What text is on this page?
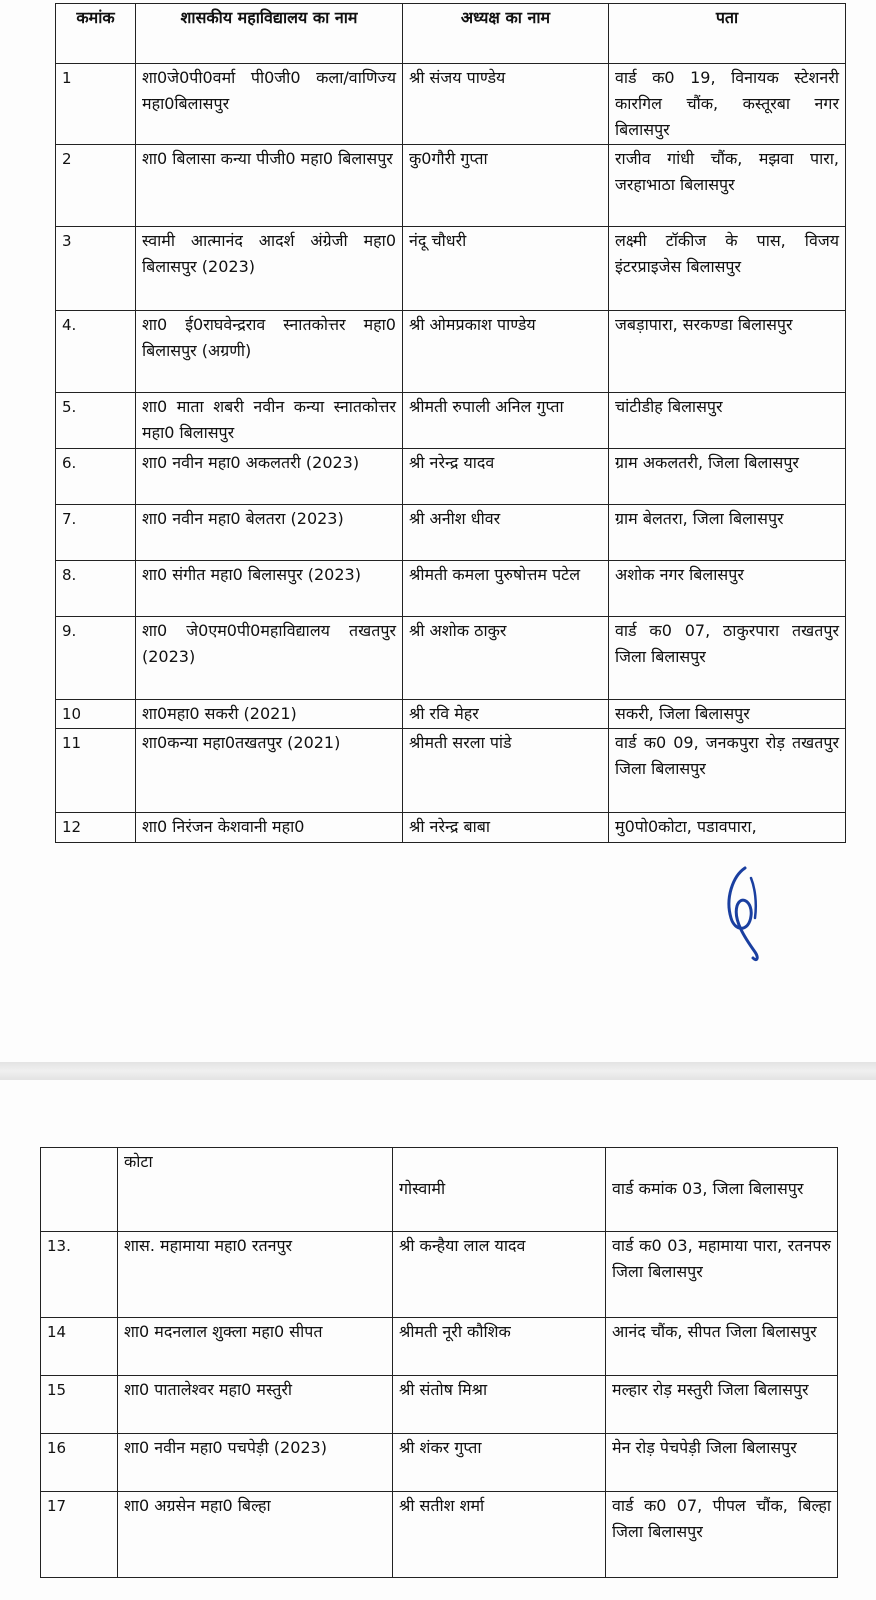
कमांक	शासकीय महाविद्यालय का नाम	अध्यक्ष का नाम	पता
1	शा0जे0पी0वर्मा पी0जी0 कला/वाणिज्य महा0बिलासपुर	श्री संजय पाण्डेय	वार्ड क0 19, विनायक स्टेशनरी कारगिल चौंक, कस्तूरबा नगर बिलासपुर
2	शा0 बिलासा कन्या पीजी0 महा0 बिलासपुर	कु0गौरी गुप्ता	राजीव गांधी चौंक, मझवा पारा, जरहाभाठा बिलासपुर
3	स्वामी आत्मानंद आदर्श अंग्रेजी महा0 बिलासपुर (2023)	नंदू चौधरी	लक्ष्मी टॉकीज के पास, विजय इंटरप्राइजेस बिलासपुर
4.	शा0 ई0राघवेन्द्रराव स्नातकोत्तर महा0 बिलासपुर (अग्रणी)	श्री ओमप्रकाश पाण्डेय	जबड़ापारा, सरकण्डा बिलासपुर
5.	शा0 माता शबरी नवीन कन्या स्नातकोत्तर महा0 बिलासपुर	श्रीमती रुपाली अनिल गुप्ता	चांटीडीह बिलासपुर
6.	शा0 नवीन महा0 अकलतरी (2023)	श्री नरेन्द्र यादव	ग्राम अकलतरी, जिला बिलासपुर
7.	शा0 नवीन महा0 बेलतरा (2023)	श्री अनीश धीवर	ग्राम बेलतरा, जिला बिलासपुर
8.	शा0 संगीत महा0 बिलासपुर (2023)	श्रीमती कमला पुरुषोत्तम पटेल	अशोक नगर बिलासपुर
9.	शा0 जे0एम0पी0महाविद्यालय तखतपुर (2023)	श्री अशोक ठाकुर	वार्ड क0 07, ठाकुरपारा तखतपुर जिला बिलासपुर
10	शा0महा0 सकरी (2021)	श्री रवि मेहर	सकरी, जिला बिलासपुर
11	शा0कन्या महा0तखतपुर (2021)	श्रीमती सरला पांडे	वार्ड क0 09, जनकपुरा रोड़ तखतपुर जिला बिलासपुर
12	शा0 निरंजन केशवानी महा0	श्री नरेन्द्र बाबा	मु0पो0कोटा, पडावपारा,
	कोटा	गोस्वामी	वार्ड कमांक 03, जिला बिलासपुर
13.	शास. महामाया महा0 रतनपुर	श्री कन्हैया लाल यादव	वार्ड क0 03, महामाया पारा, रतनपरु जिला बिलासपुर
14	शा0 मदनलाल शुक्ला महा0 सीपत	श्रीमती नूरी कौशिक	आनंद चौंक, सीपत जिला बिलासपुर
15	शा0 पातालेश्वर महा0 मस्तुरी	श्री संतोष मिश्रा	मल्हार रोड़ मस्तुरी जिला बिलासपुर
16	शा0 नवीन महा0 पचपेड़ी (2023)	श्री शंकर गुप्ता	मेन रोड़ पेचपेड़ी जिला बिलासपुर
17	शा0 अग्रसेन महा0 बिल्हा	श्री सतीश शर्मा	वार्ड क0 07, पीपल चौंक, बिल्हा जिला बिलासपुर
